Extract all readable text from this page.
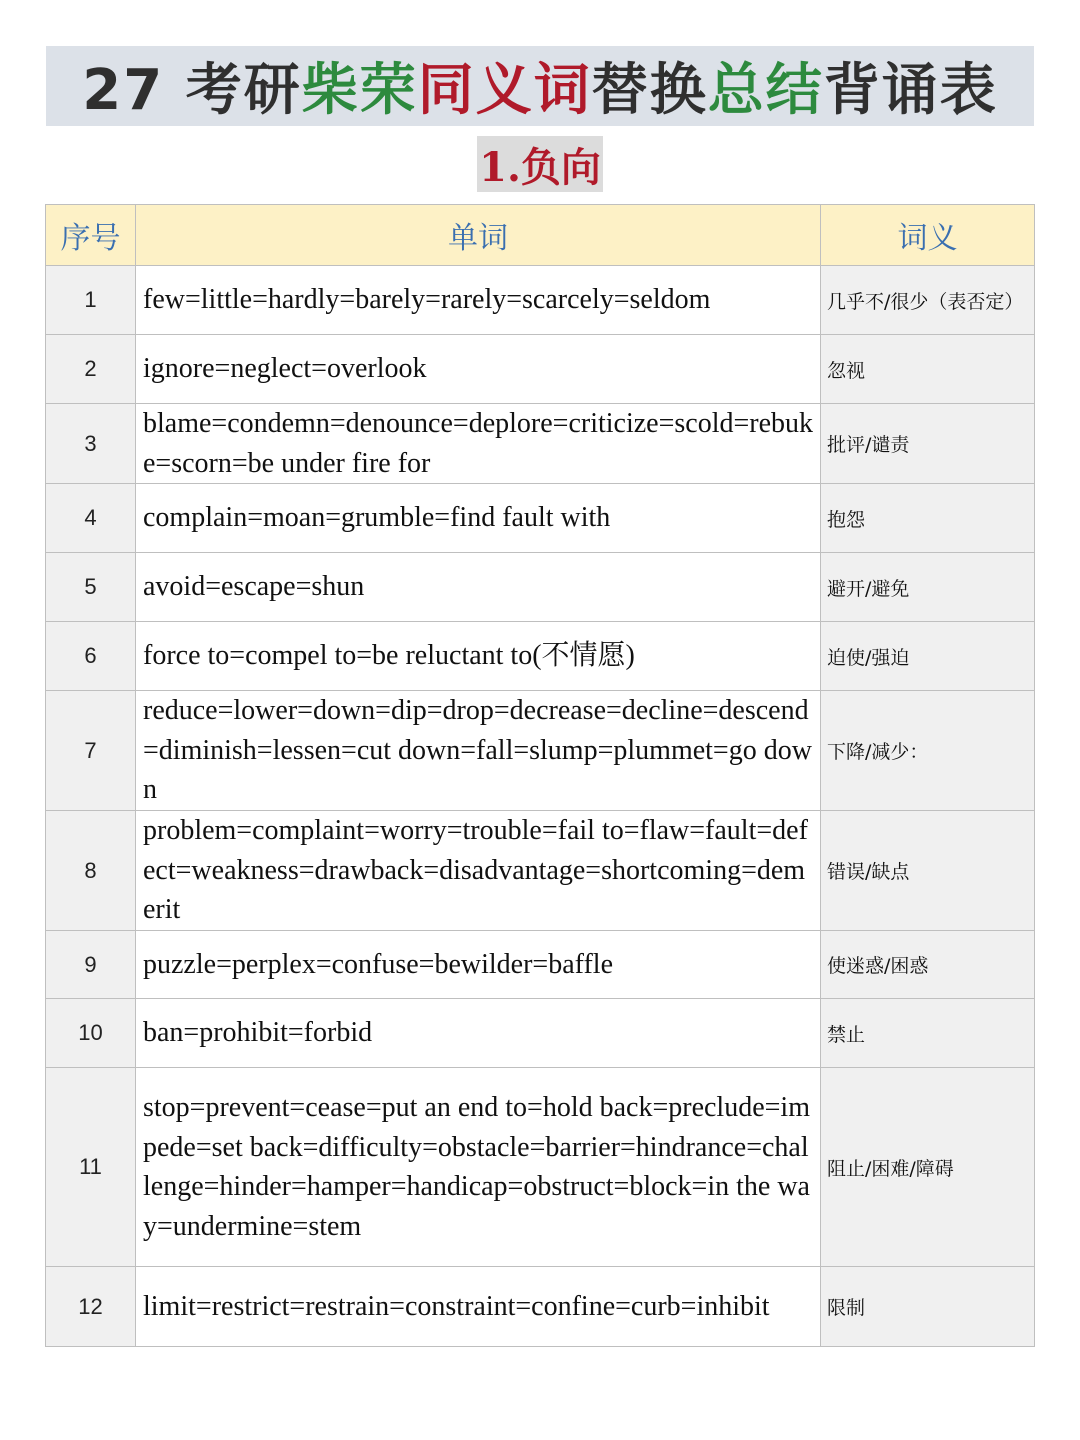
27 考研 柴荣 同义词 替换 总结 背诵表
1.负向
序号	单词	词义
1	few=little=hardly=barely=rarely=scarcely=seldom	几乎不/很少（表否定）
2	ignore=neglect=overlook	忽视
3	blame=condemn=denounce=deplore=criticize=scold=rebuke=scorn=be under fire for	批评/谴责
4	complain=moan=grumble=find fault with	抱怨
5	avoid=escape=shun	避开/避免
6	force to=compel to=be reluctant to(不情愿)	迫使/强迫
7	reduce=lower=down=dip=drop=decrease=decline=descend=diminish=lessen=cut down=fall=slump=plummet=go down	下降/减少：
8	problem=complaint=worry=trouble=fail to=flaw=fault=defect=weakness=drawback=disadvantage=shortcoming=demerit	错误/缺点
9	puzzle=perplex=confuse=bewilder=baffle	使迷惑/困惑
10	ban=prohibit=forbid	禁止
11	stop=prevent=cease=put an end to=hold back=preclude=impede=set back=difficulty=obstacle=barrier=hindrance=challenge=hinder=hamper=handicap=obstruct=block=in the way=undermine=stem	阻止/困难/障碍
12	limit=restrict=restrain=constraint=confine=curb=inhibit	限制
